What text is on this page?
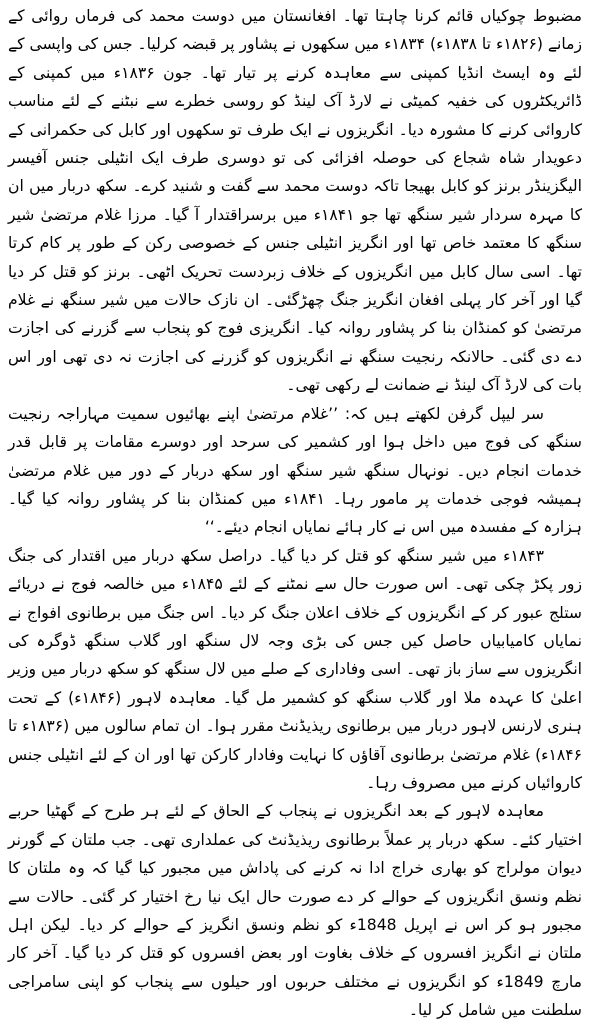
مضبوط چوکیاں قائم کرنا چاہتا تھا۔ افغانستان میں دوست محمد کی فرماں روائی کے زمانے (۱۸۲۶ء تا ۱۸۳۸ء) ۱۸۳۴ء میں سکھوں نے پشاور پر قبضہ کرلیا۔ جس کی واپسی کے لئے وہ ایسٹ انڈیا کمپنی سے معاہدہ کرنے پر تیار تھا۔ جون ۱۸۳۶ء میں کمپنی کے ڈائریکٹروں کی خفیہ کمیٹی نے لارڈ آک لینڈ کو روسی خطرے سے نبٹنے کے لئے مناسب کاروائی کرنے کا مشورہ دیا۔ انگریزوں نے ایک طرف تو سکھوں اور کابل کی حکمرانی کے دعویدار شاہ شجاع کی حوصلہ افزائی کی تو دوسری طرف ایک انٹیلی جنس آفیسر الیگزینڈر برنز کو کابل بھیجا تاکہ دوست محمد سے گفت و شنید کرے۔ سکھ دربار میں ان کا مہرہ سردار شیر سنگھ تھا جو ۱۸۴۱ء میں برسراقتدار آ گیا۔ مرزا غلام مرتضیٰ شیر سنگھ کا معتمد خاص تھا اور انگریز انٹیلی جنس کے خصوصی رکن کے طور پر کام کرتا تھا۔ اسی سال کابل میں انگریزوں کے خلاف زبردست تحریک اٹھی۔ برنز کو قتل کر دیا گیا اور آخر کار پہلی افغان انگریز جنگ چھڑگئی۔ ان نازک حالات میں شیر سنگھ نے غلام مرتضیٰ کو کمنڈان بنا کر پشاور روانہ کیا۔ انگریزی فوج کو پنجاب سے گزرنے کی اجازت دے دی گئی۔ حالانکہ رنجیت سنگھ نے انگریزوں کو گزرنے کی اجازت نہ دی تھی اور اس بات کی لارڈ آک لینڈ نے ضمانت لے رکھی تھی۔

سر لیپل گرفن لکھتے ہیں کہ: ’’غلام مرتضیٰ اپنے بھائیوں سمیت مہاراجہ رنجیت سنگھ کی فوج میں داخل ہوا اور کشمیر کی سرحد اور دوسرے مقامات پر قابل قدر خدمات انجام دیں۔ نونہال سنگھ شیر سنگھ اور سکھ دربار کے دور میں غلام مرتضیٰ ہمیشہ فوجی خدمات پر مامور رہا۔ ۱۸۴۱ء میں کمنڈان بنا کر پشاور روانہ کیا گیا۔ ہزارہ کے مفسدہ میں اس نے کار ہائے نمایاں انجام دیئے۔‘‘

۱۸۴۳ء میں شیر سنگھ کو قتل کر دیا گیا۔ دراصل سکھ دربار میں اقتدار کی جنگ زور پکڑ چکی تھی۔ اس صورت حال سے نمٹنے کے لئے ۱۸۴۵ء میں خالصہ فوج نے دریائے ستلج عبور کر کے انگریزوں کے خلاف اعلان جنگ کر دیا۔ اس جنگ میں برطانوی افواج نے نمایاں کامیابیاں حاصل کیں جس کی بڑی وجہ لال سنگھ اور گلاب سنگھ ڈوگرہ کی انگریزوں سے ساز باز تھی۔ اسی وفاداری کے صلے میں لال سنگھ کو سکھ دربار میں وزیر اعلیٰ کا عہدہ ملا اور گلاب سنگھ کو کشمیر مل گیا۔ معاہدہ لاہور (۱۸۴۶ء) کے تحت ہنری لارنس لاہور دربار میں برطانوی ریذیڈنٹ مقرر ہوا۔ ان تمام سالوں میں (۱۸۳۶ء تا ۱۸۴۶ء) غلام مرتضیٰ برطانوی آقاؤں کا نہایت وفادار کارکن تھا اور ان کے لئے انٹیلی جنس کاروائیاں کرنے میں مصروف رہا۔

معاہدہ لاہور کے بعد انگریزوں نے پنجاب کے الحاق کے لئے ہر طرح کے گھٹیا حربے اختیار کئے۔ سکھ دربار پر عملاً برطانوی ریذیڈنٹ کی عملداری تھی۔ جب ملتان کے گورنر دیوان مولراج کو بھاری خراج ادا نہ کرنے کی پاداش میں مجبور کیا گیا کہ وہ ملتان کا نظم ونسق انگریزوں کے حوالے کر دے صورت حال ایک نیا رخ اختیار کر گئی۔ حالات سے مجبور ہو کر اس نے اپریل 1848ء کو نظم ونسق انگریز کے حوالے کر دیا۔ لیکن اہل ملتان نے انگریز افسروں کے خلاف بغاوت اور بعض افسروں کو قتل کر دیا گیا۔ آخر کار مارچ 1849ء کو انگریزوں نے مختلف حربوں اور حیلوں سے پنجاب کو اپنی سامراجی سلطنت میں شامل کر لیا۔
